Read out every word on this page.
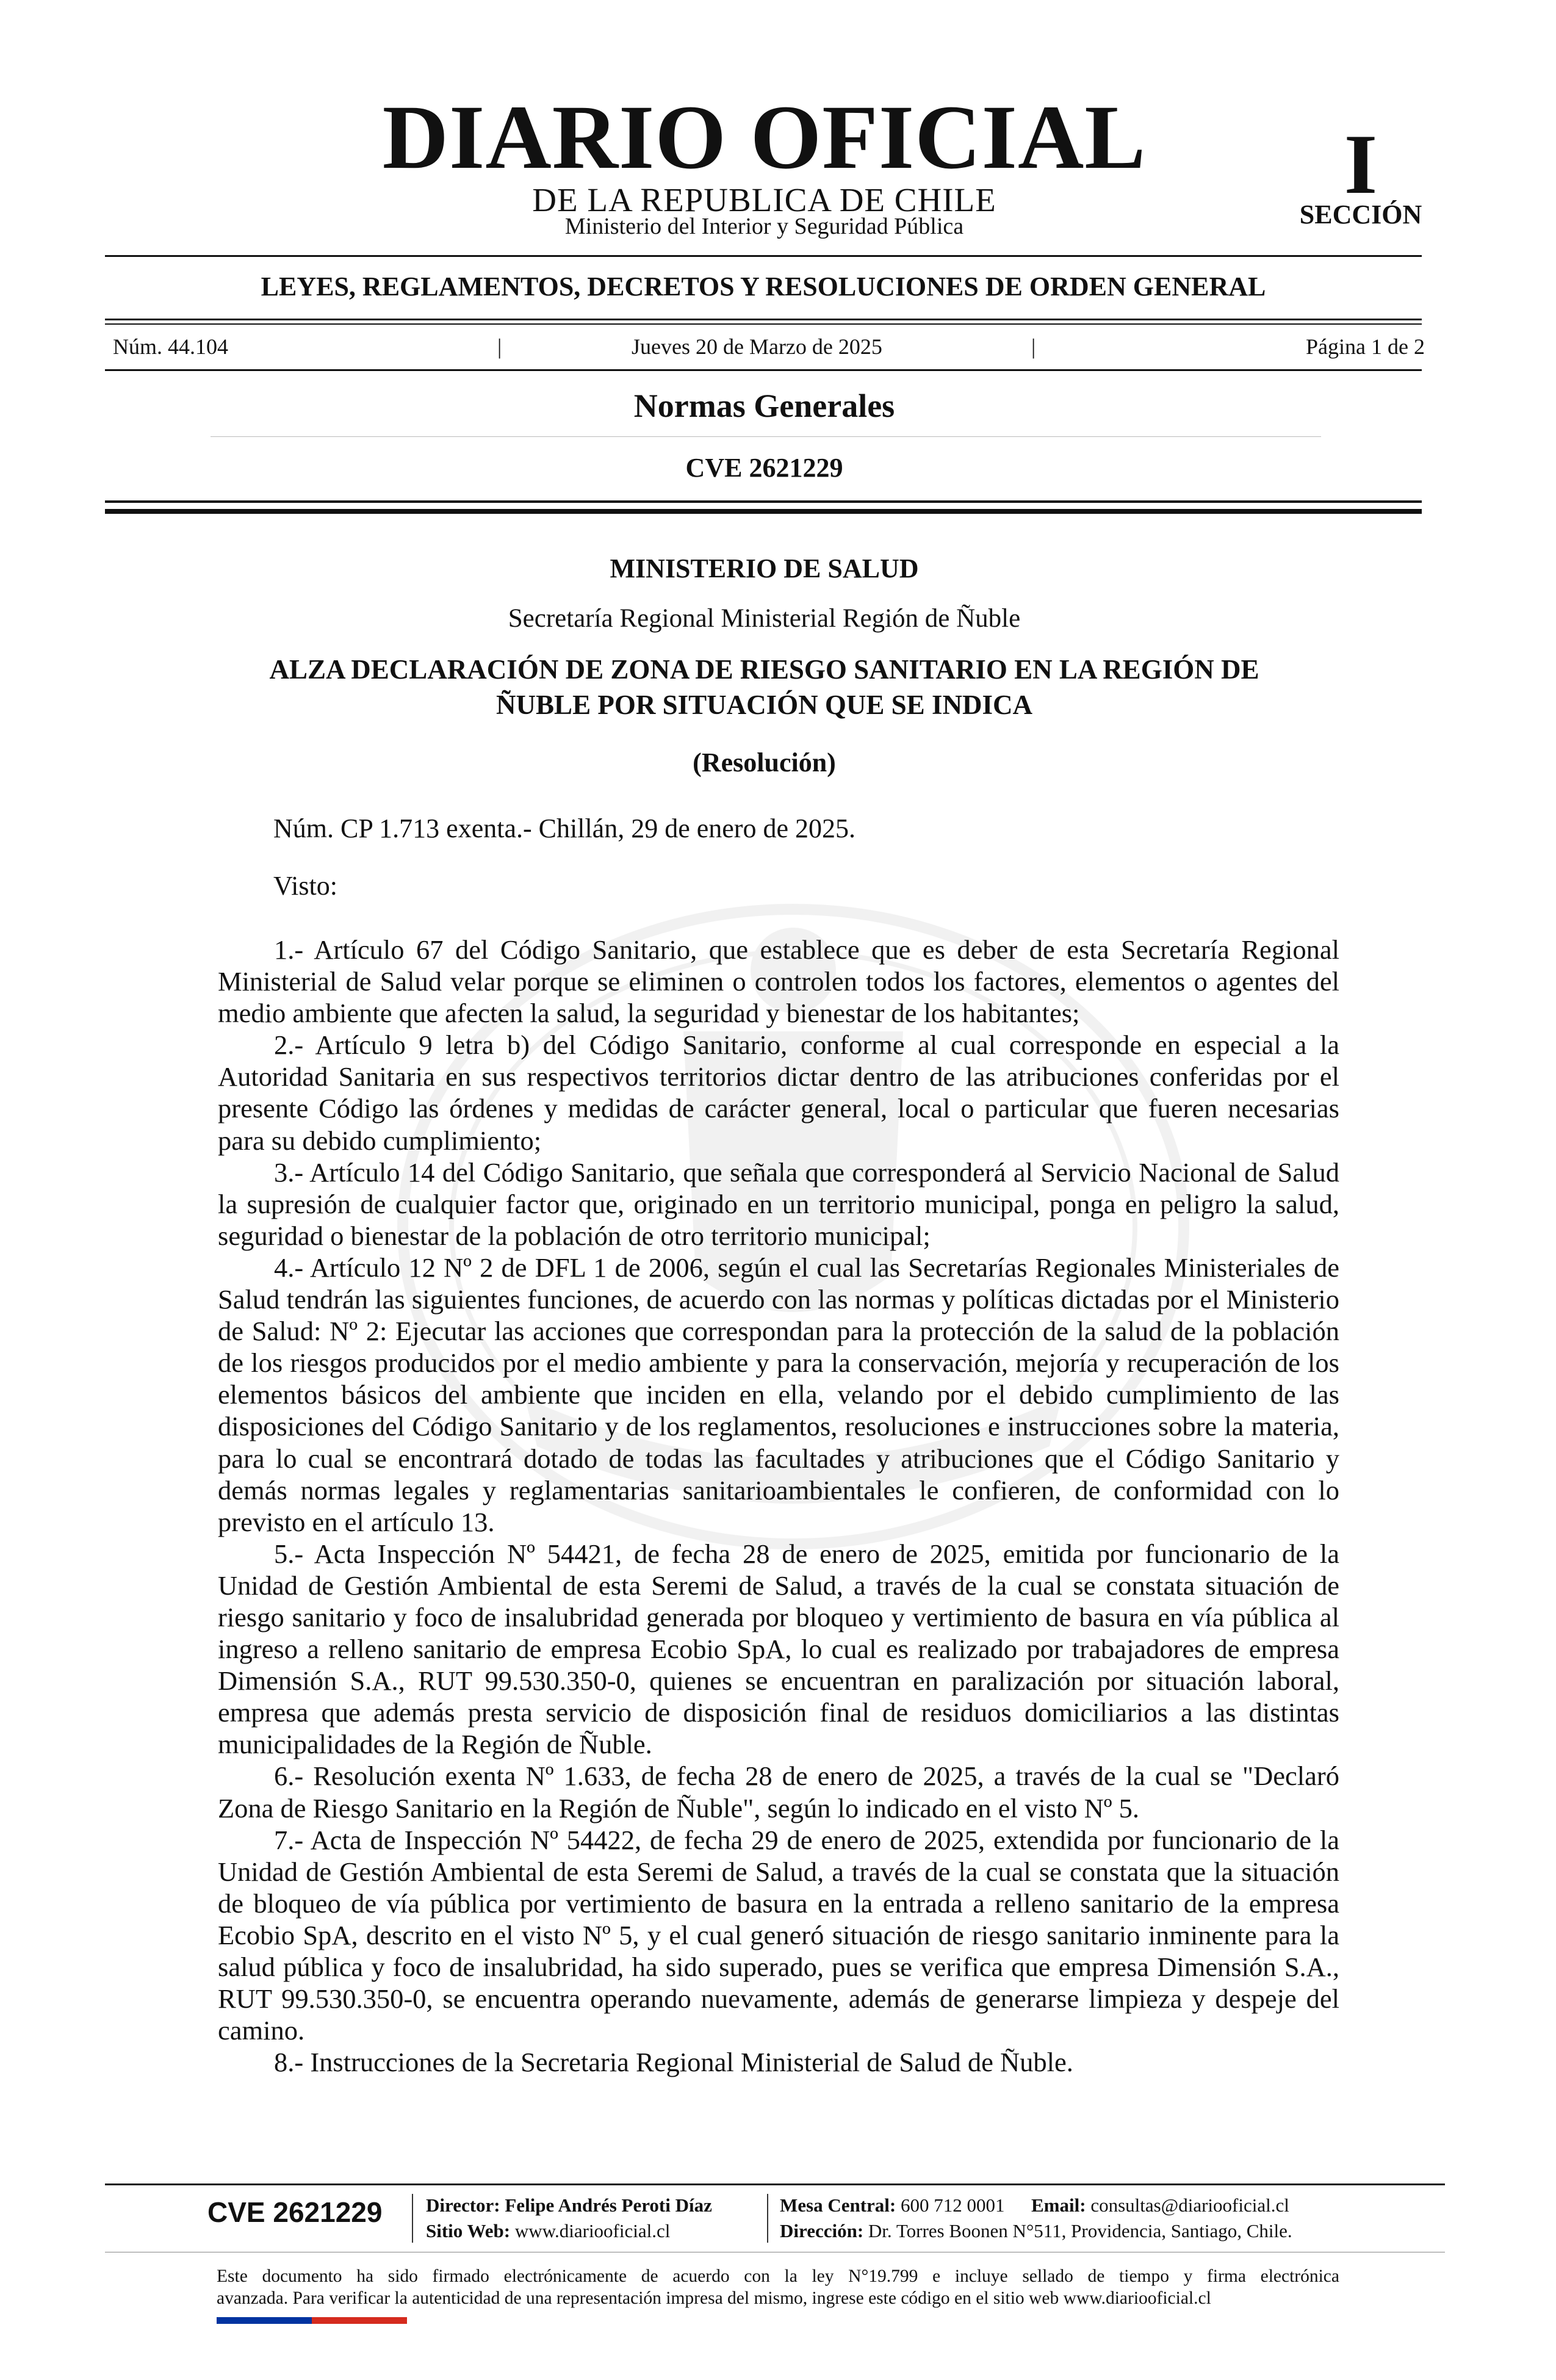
DIARIO OFICIAL
DE LA REPUBLICA DE CHILE
Ministerio del Interior y Seguridad Pública
I
SECCIÓN
LEYES, REGLAMENTOS, DECRETOS Y RESOLUCIONES DE ORDEN GENERAL
Núm. 44.104	|	Jueves 20 de Marzo de 2025	|	Página 1 de 2
Normas Generales
CVE 2621229
MINISTERIO DE SALUD
Secretaría Regional Ministerial Región de Ñuble
ALZA DECLARACIÓN DE ZONA DE RIESGO SANITARIO EN LA REGIÓN DE
ÑUBLE POR SITUACIÓN QUE SE INDICA
(Resolución)
Núm. CP 1.713 exenta.- Chillán, 29 de enero de 2025.
Visto:

1.- Artículo 67 del Código Sanitario, que establece que es deber de esta Secretaría Regional Ministerial de Salud velar porque se eliminen o controlen todos los factores, elementos o agentes del medio ambiente que afecten la salud, la seguridad y bienestar de los habitantes;

2.- Artículo 9 letra b) del Código Sanitario, conforme al cual corresponde en especial a la Autoridad Sanitaria en sus respectivos territorios dictar dentro de las atribuciones conferidas por el presente Código las órdenes y medidas de carácter general, local o particular que fueren necesarias para su debido cumplimiento;

3.- Artículo 14 del Código Sanitario, que señala que corresponderá al Servicio Nacional de Salud la supresión de cualquier factor que, originado en un territorio municipal, ponga en peligro la salud, seguridad o bienestar de la población de otro territorio municipal;

4.- Artículo 12 Nº 2 de DFL 1 de 2006, según el cual las Secretarías Regionales Ministeriales de Salud tendrán las siguientes funciones, de acuerdo con las normas y políticas dictadas por el Ministerio de Salud: Nº 2: Ejecutar las acciones que correspondan para la protección de la salud de la población de los riesgos producidos por el medio ambiente y para la conservación, mejoría y recuperación de los elementos básicos del ambiente que inciden en ella, velando por el debido cumplimiento de las disposiciones del Código Sanitario y de los reglamentos, resoluciones e instrucciones sobre la materia, para lo cual se encontrará dotado de todas las facultades y atribuciones que el Código Sanitario y demás normas legales y reglamentarias sanitarioambientales le confieren, de conformidad con lo previsto en el artículo 13.

5.- Acta Inspección Nº 54421, de fecha 28 de enero de 2025, emitida por funcionario de la Unidad de Gestión Ambiental de esta Seremi de Salud, a través de la cual se constata situación de riesgo sanitario y foco de insalubridad generada por bloqueo y vertimiento de basura en vía pública al ingreso a relleno sanitario de empresa Ecobio SpA, lo cual es realizado por trabajadores de empresa Dimensión S.A., RUT 99.530.350-0, quienes se encuentran en paralización por situación laboral, empresa que además presta servicio de disposición final de residuos domiciliarios a las distintas municipalidades de la Región de Ñuble.

6.- Resolución exenta Nº 1.633, de fecha 28 de enero de 2025, a través de la cual se "Declaró Zona de Riesgo Sanitario en la Región de Ñuble", según lo indicado en el visto Nº 5.

7.- Acta de Inspección Nº 54422, de fecha 29 de enero de 2025, extendida por funcionario de la Unidad de Gestión Ambiental de esta Seremi de Salud, a través de la cual se constata que la situación de bloqueo de vía pública por vertimiento de basura en la entrada a relleno sanitario de la empresa Ecobio SpA, descrito en el visto Nº 5, y el cual generó situación de riesgo sanitario inminente para la salud pública y foco de insalubridad, ha sido superado, pues se verifica que empresa Dimensión S.A., RUT 99.530.350-0, se encuentra operando nuevamente, además de generarse limpieza y despeje del camino.

8.- Instrucciones de la Secretaria Regional Ministerial de Salud de Ñuble.

CVE 2621229 Director: Felipe Andrés Peroti Díaz
Sitio Web: www.diariooficial.cl
Mesa Central: 600 712 0001 Email: consultas@diariooficial.cl
Dirección: Dr. Torres Boonen N°511, Providencia, Santiago, Chile.
Este documento ha sido firmado electrónicamente de acuerdo con la ley N°19.799 e incluye sellado de tiempo y firma electrónica
avanzada. Para verificar la autenticidad de una representación impresa del mismo, ingrese este código en el sitio web www.diariooficial.cl
